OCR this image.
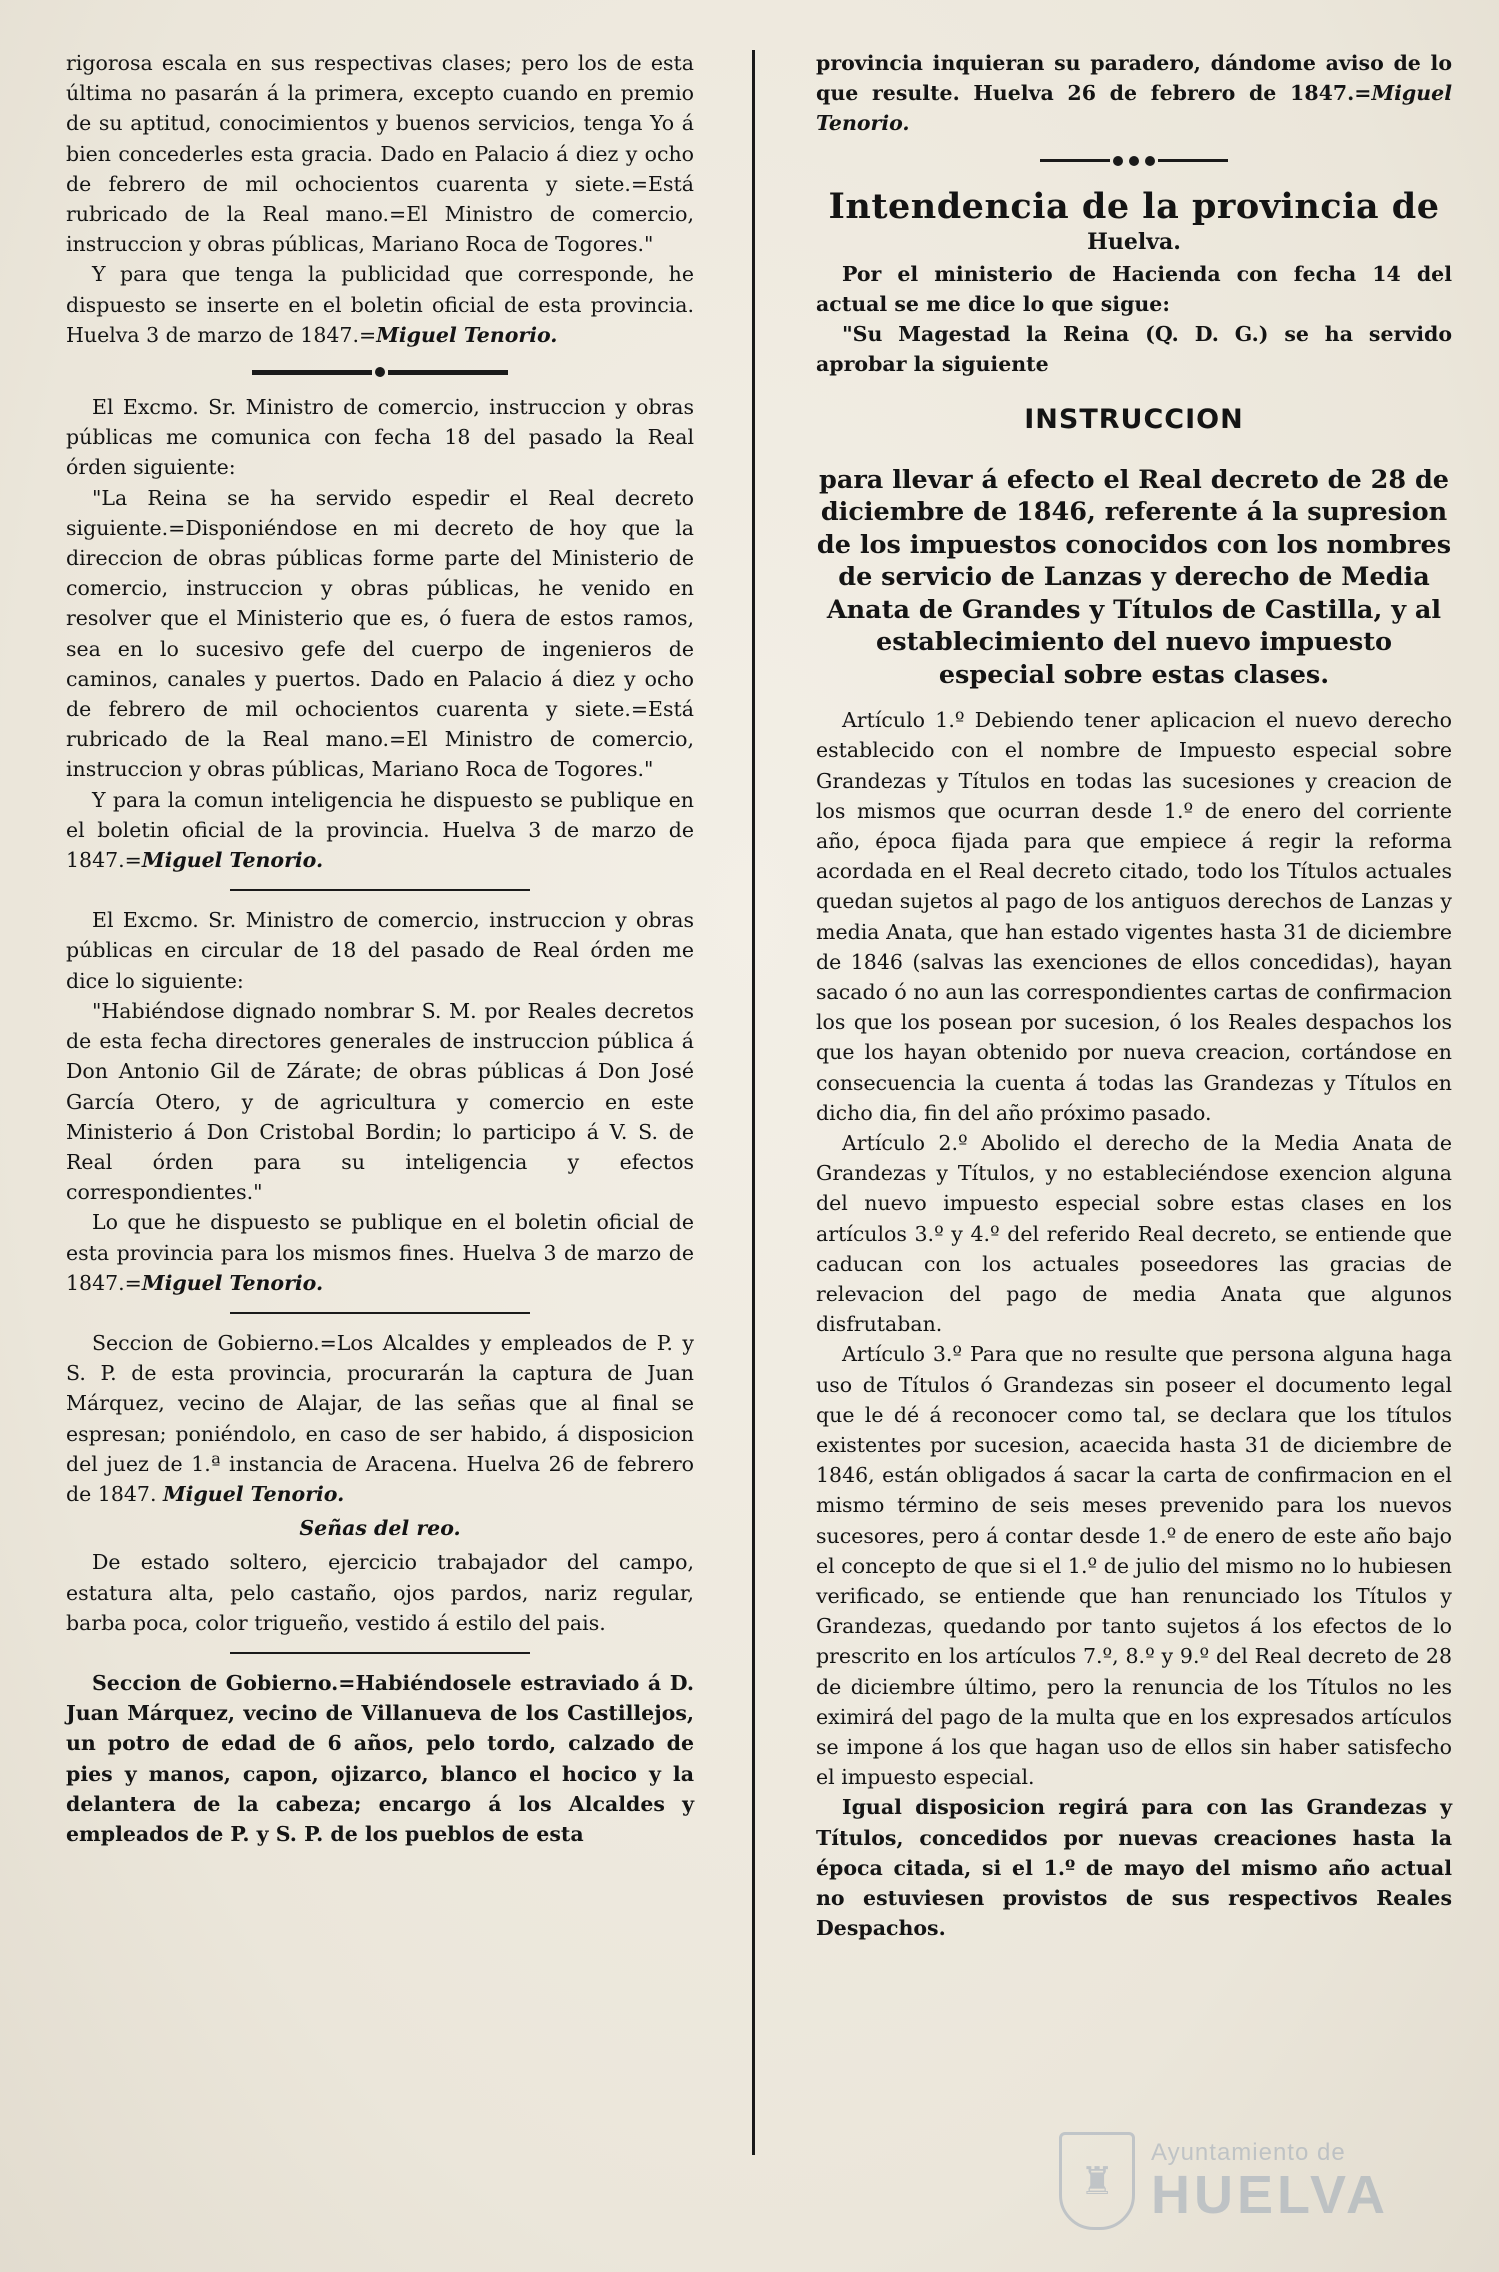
rigorosa escala en sus respectivas clases; pero los de esta última no pasarán á la primera, excepto cuando en premio de su aptitud, conocimientos y buenos servicios, tenga Yo á bien concederles esta gracia. Dado en Palacio á diez y ocho de febrero de mil ochocientos cuarenta y siete.=Está rubricado de la Real mano.=El Ministro de comercio, instruccion y obras públicas, Mariano Roca de Togores."

Y para que tenga la publicidad que corresponde, he dispuesto se inserte en el boletin oficial de esta provincia. Huelva 3 de marzo de 1847.=Miguel Tenorio.

El Excmo. Sr. Ministro de comercio, instruccion y obras públicas me comunica con fecha 18 del pasado la Real órden siguiente:

"La Reina se ha servido espedir el Real decreto siguiente.=Disponiéndose en mi decreto de hoy que la direccion de obras públicas forme parte del Ministerio de comercio, instruccion y obras públicas, he venido en resolver que el Ministerio que es, ó fuera de estos ramos, sea en lo sucesivo gefe del cuerpo de ingenieros de caminos, canales y puertos. Dado en Palacio á diez y ocho de febrero de mil ochocientos cuarenta y siete.=Está rubricado de la Real mano.=El Ministro de comercio, instruccion y obras públicas, Mariano Roca de Togores."

Y para la comun inteligencia he dispuesto se publique en el boletin oficial de la provincia. Huelva 3 de marzo de 1847.=Miguel Tenorio.

El Excmo. Sr. Ministro de comercio, instruccion y obras públicas en circular de 18 del pasado de Real órden me dice lo siguiente:

"Habiéndose dignado nombrar S. M. por Reales decretos de esta fecha directores generales de instruccion pública á Don Antonio Gil de Zárate; de obras públicas á Don José García Otero, y de agricultura y comercio en este Ministerio á Don Cristobal Bordin; lo participo á V. S. de Real órden para su inteligencia y efectos correspondientes."

Lo que he dispuesto se publique en el boletin oficial de esta provincia para los mismos fines. Huelva 3 de marzo de 1847.=Miguel Tenorio.

Seccion de Gobierno.=Los Alcaldes y empleados de P. y S. P. de esta provincia, procurarán la captura de Juan Márquez, vecino de Alajar, de las señas que al final se espresan; poniéndolo, en caso de ser habido, á disposicion del juez de 1.ª instancia de Aracena. Huelva 26 de febrero de 1847. Miguel Tenorio.

Señas del reo.

De estado soltero, ejercicio trabajador del campo, estatura alta, pelo castaño, ojos pardos, nariz regular, barba poca, color trigueño, vestido á estilo del pais.

Seccion de Gobierno.=Habiéndosele estraviado á D. Juan Márquez, vecino de Villanueva de los Castillejos, un potro de edad de 6 años, pelo tordo, calzado de pies y manos, capon, ojizarco, blanco el hocico y la delantera de la cabeza; encargo á los Alcaldes y empleados de P. y S. P. de los pueblos de esta

provincia inquieran su paradero, dándome aviso de lo que resulte. Huelva 26 de febrero de 1847.=Miguel Tenorio.

Intendencia de la provincia de
Huelva.

Por el ministerio de Hacienda con fecha 14 del actual se me dice lo que sigue:

"Su Magestad la Reina (Q. D. G.) se ha servido aprobar la siguiente

INSTRUCCION
para llevar á efecto el Real decreto de 28 de diciembre de 1846, referente á la supresion de los impuestos conocidos con los nombres de servicio de Lanzas y derecho de Media Anata de Grandes y Títulos de Castilla, y al establecimiento del nuevo impuesto especial sobre estas clases.

Artículo 1.º Debiendo tener aplicacion el nuevo derecho establecido con el nombre de Impuesto especial sobre Grandezas y Títulos en todas las sucesiones y creacion de los mismos que ocurran desde 1.º de enero del corriente año, época fijada para que empiece á regir la reforma acordada en el Real decreto citado, todo los Títulos actuales quedan sujetos al pago de los antiguos derechos de Lanzas y media Anata, que han estado vigentes hasta 31 de diciembre de 1846 (salvas las exenciones de ellos concedidas), hayan sacado ó no aun las correspondientes cartas de confirmacion los que los posean por sucesion, ó los Reales despachos los que los hayan obtenido por nueva creacion, cortándose en consecuencia la cuenta á todas las Grandezas y Títulos en dicho dia, fin del año próximo pasado.

Artículo 2.º Abolido el derecho de la Media Anata de Grandezas y Títulos, y no estableciéndose exencion alguna del nuevo impuesto especial sobre estas clases en los artículos 3.º y 4.º del referido Real decreto, se entiende que caducan con los actuales poseedores las gracias de relevacion del pago de media Anata que algunos disfrutaban.

Artículo 3.º Para que no resulte que persona alguna haga uso de Títulos ó Grandezas sin poseer el documento legal que le dé á reconocer como tal, se declara que los títulos existentes por sucesion, acaecida hasta 31 de diciembre de 1846, están obligados á sacar la carta de confirmacion en el mismo término de seis meses prevenido para los nuevos sucesores, pero á contar desde 1.º de enero de este año bajo el concepto de que si el 1.º de julio del mismo no lo hubiesen verificado, se entiende que han renunciado los Títulos y Grandezas, quedando por tanto sujetos á los efectos de lo prescrito en los artículos 7.º, 8.º y 9.º del Real decreto de 28 de diciembre último, pero la renuncia de los Títulos no les eximirá del pago de la multa que en los expresados artículos se impone á los que hagan uso de ellos sin haber satisfecho el impuesto especial.

Igual disposicion regirá para con las Grandezas y Títulos, concedidos por nuevas creaciones hasta la época citada, si el 1.º de mayo del mismo año actual no estuviesen provistos de sus respectivos Reales Despachos.

♜
Ayuntamiento de
HUELVA
